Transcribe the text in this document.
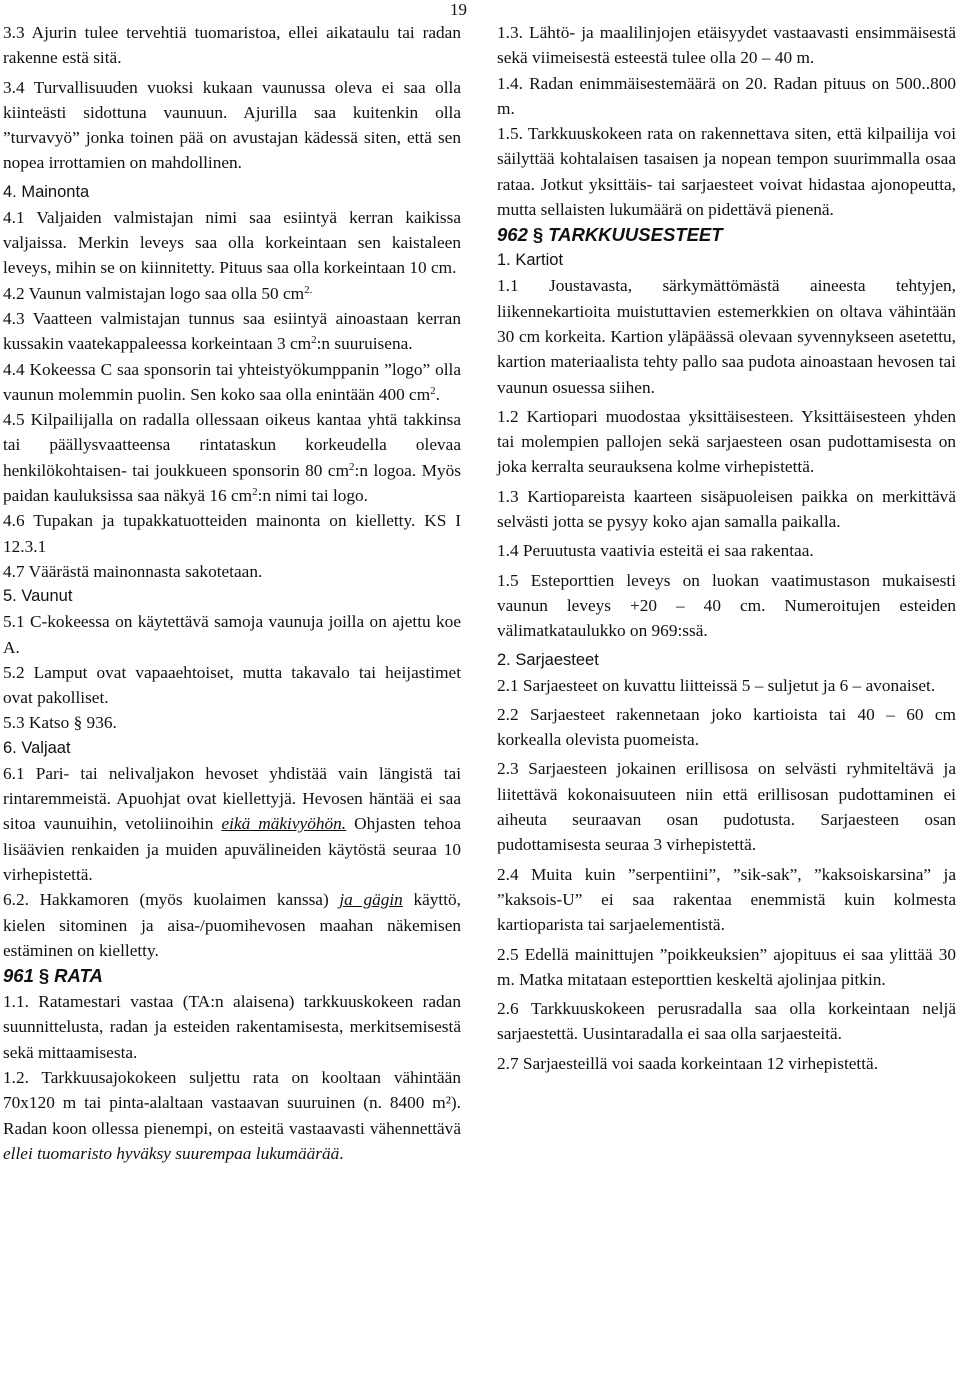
19

3.3 Ajurin tulee tervehtiä tuomaristoa, ellei aikataulu tai radan rakenne estä sitä.

3.4 Turvallisuuden vuoksi kukaan vaunussa oleva ei saa olla kiinteästi sidottuna vaunuun. Ajurilla saa kuitenkin olla ”turvavyö” jonka toinen pää on avustajan kädessä siten, että sen nopea irrottamien on mahdollinen.

4. Mainonta

4.1 Valjaiden valmistajan nimi saa esiintyä kerran kaikissa valjaissa. Merkin leveys saa olla korkeintaan sen kaistaleen leveys, mihin se on kiinnitetty. Pituus saa olla korkeintaan 10 cm.

4.2 Vaunun valmistajan logo saa olla 50 $cm^{2.}$

4.3 Vaatteen valmistajan tunnus saa esiintyä ainoastaan kerran kussakin vaatekappaleessa korkeintaan 3 $cm^2:n$ suuruisena.

4.4 Kokeessa C saa sponsorin tai yhteistyökumppanin ”logo” olla vaunun molemmin puolin. Sen koko saa olla enintään 400 $cm^2$.

4.5 Kilpailijalla on radalla ollessaan oikeus kantaa yhtä takkinsa tai päällysvaatteensa rintataskun korkeudella olevaa henkilökohtaisen- tai joukkueen sponsorin 80 $cm^2:n$ logoa. Myös paidan kauluksissa saa näkyä 16 $cm^2:n$ nimi tai logo.

4.6 Tupakan ja tupakkatuotteiden mainonta on kielletty. KS I 12.3.1

4.7 Väärästä mainonnasta sakotetaan.

5. Vaunut

5.1 C-kokeessa on käytettävä samoja vaunuja joilla on ajettu koe A.

5.2 Lamput ovat vapaaehtoiset, mutta takavalo tai heijastimet ovat pakolliset.

5.3 Katso § 936.

6. Valjaat

6.1 Pari- tai nelivaljakon hevoset yhdistää vain längistä tai rintaremmeistä. Apuohjat ovat kiellettyjä. Hevosen häntää ei saa sitoa vaunuihin, vetoliinoihin eikä mäkivyöhön. Ohjasten tehoa lisäävien renkaiden ja muiden apuvälineiden käytöstä seuraa 10 virhepistettä.

6.2. Hakkamoren (myös kuolaimen kanssa) ja gägin käyttö, kielen sitominen ja aisa-/puomihevosen maahan näkemisen estäminen on kielletty.

961 § RATA

1.1. Ratamestari vastaa (TA:n alaisena) tarkkuuskokeen radan suunnittelusta, radan ja esteiden rakentamisesta, merkitsemisestä sekä mittaamisesta.

1.2. Tarkkuusajokokeen suljettu rata on kooltaan vähintään 70x120 m tai pinta-alaltaan vastaavan suuruinen (n. 8400 m²). Radan koon ollessa pienempi, on esteitä vastaavasti vähennettävä ellei tuomaristo hyväksy suurempaa lukumäärää.

1.3. Lähtö- ja maalilinjojen etäisyydet vastaavasti ensimmäisestä sekä viimeisestä esteestä tulee olla 20 – 40 m.

1.4. Radan enimmäisestemäärä on 20. Radan pituus on 500..800 m.

1.5. Tarkkuuskokeen rata on rakennettava siten, että kilpailija voi säilyttää kohtalaisen tasaisen ja nopean tempon suurimmalla osaa rataa. Jotkut yksittäis- tai sarjaesteet voivat hidastaa ajonopeutta, mutta sellaisten lukumäärä on pidettävä pienenä.

962 § TARKKUUSESTEET

1. Kartiot

1.1 Joustavasta, särkymättömästä aineesta tehtyjen, liikennekartioita muistuttavien estemerkkien on oltava vähintään 30 cm korkeita. Kartion yläpäässä olevaan syvennykseen asetettu, kartion materiaalista tehty pallo saa pudota ainoastaan hevosen tai vaunun osuessa siihen.

1.2 Kartiopari muodostaa yksittäisesteen. Yksittäisesteen yhden tai molempien pallojen sekä sarjaesteen osan pudottamisesta on joka kerralta seurauksena kolme virhepistettä.

1.3 Kartiopareista kaarteen sisäpuoleisen paikka on merkittävä selvästi jotta se pysyy koko ajan samalla paikalla.

1.4 Peruutusta vaativia esteitä ei saa rakentaa.

1.5 Esteporttien leveys on luokan vaatimustason mukaisesti vaunun leveys +20 – 40 cm. Numeroitujen esteiden välimatkataulukko on 969:ssä.

2. Sarjaesteet

2.1 Sarjaesteet on kuvattu liitteissä 5 – suljetut ja 6 – avonaiset.

2.2 Sarjaesteet rakennetaan joko kartioista tai 40 – 60 cm korkealla olevista puomeista.

2.3 Sarjaesteen jokainen erillisosa on selvästi ryhmiteltävä ja liitettävä kokonaisuuteen niin että erillisosan pudottaminen ei aiheuta seuraavan osan pudotusta. Sarjaesteen osan pudottamisesta seuraa 3 virhepistettä.

2.4 Muita kuin ”serpentiini”, ”sik-sak”, ”kaksoiskarsina” ja ”kaksois-U” ei saa rakentaa enemmistä kuin kolmesta kartioparista tai sarjaelementistä.

2.5 Edellä mainittujen ”poikkeuksien” ajopituus ei saa ylittää 30 m. Matka mitataan esteporttien keskeltä ajolinjaa pitkin.

2.6 Tarkkuuskokeen perusradalla saa olla korkeintaan neljä sarjaestettä. Uusintaradalla ei saa olla sarjaesteitä.

2.7 Sarjaesteillä voi saada korkeintaan 12 virhepistettä.
